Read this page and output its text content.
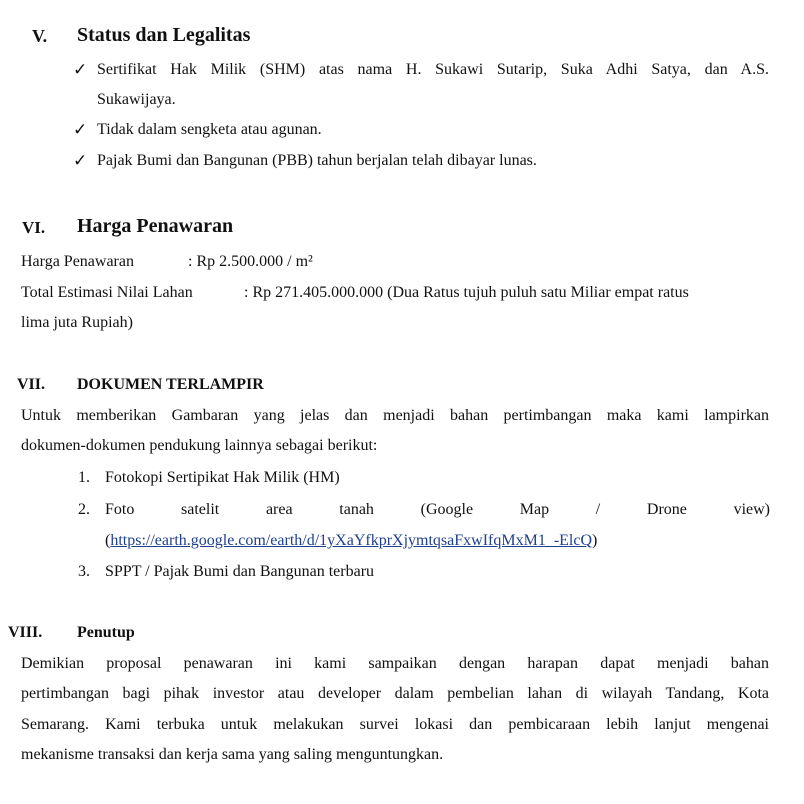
V. Status dan Legalitas
✓ Sertifikat Hak Milik (SHM) atas nama H. Sukawi Sutarip, Suka Adhi Satya, dan A.S.
Sukawijaya.
✓ Tidak dalam sengketa atau agunan.
✓ Pajak Bumi dan Bangunan (PBB) tahun berjalan telah dibayar lunas.
VI. Harga Penawaran
Harga Penawaran	: Rp 2.500.000 / m²
Total Estimasi Nilai Lahan	: Rp 271.405.000.000 (Dua Ratus tujuh puluh satu Miliar empat ratus
lima juta Rupiah)
VII. DOKUMEN TERLAMPIR
Untuk memberikan Gambaran yang jelas dan menjadi bahan pertimbangan maka kami lampirkan
dokumen-dokumen pendukung lainnya sebagai berikut:
1. Fotokopi Sertipikat Hak Milik (HM)
2. Foto	satelit	area	tanah	(Google	Map	/	Drone	view)
(https://earth.google.com/earth/d/1yXaYfkprXjymtqsaFxwIfqMxM1_-ElcQ)
3. SPPT / Pajak Bumi dan Bangunan terbaru
VIII. Penutup
Demikian proposal penawaran ini kami sampaikan dengan harapan dapat menjadi bahan
pertimbangan bagi pihak investor atau developer dalam pembelian lahan di wilayah Tandang, Kota
Semarang. Kami terbuka untuk melakukan survei lokasi dan pembicaraan lebih lanjut mengenai
mekanisme transaksi dan kerja sama yang saling menguntungkan.
